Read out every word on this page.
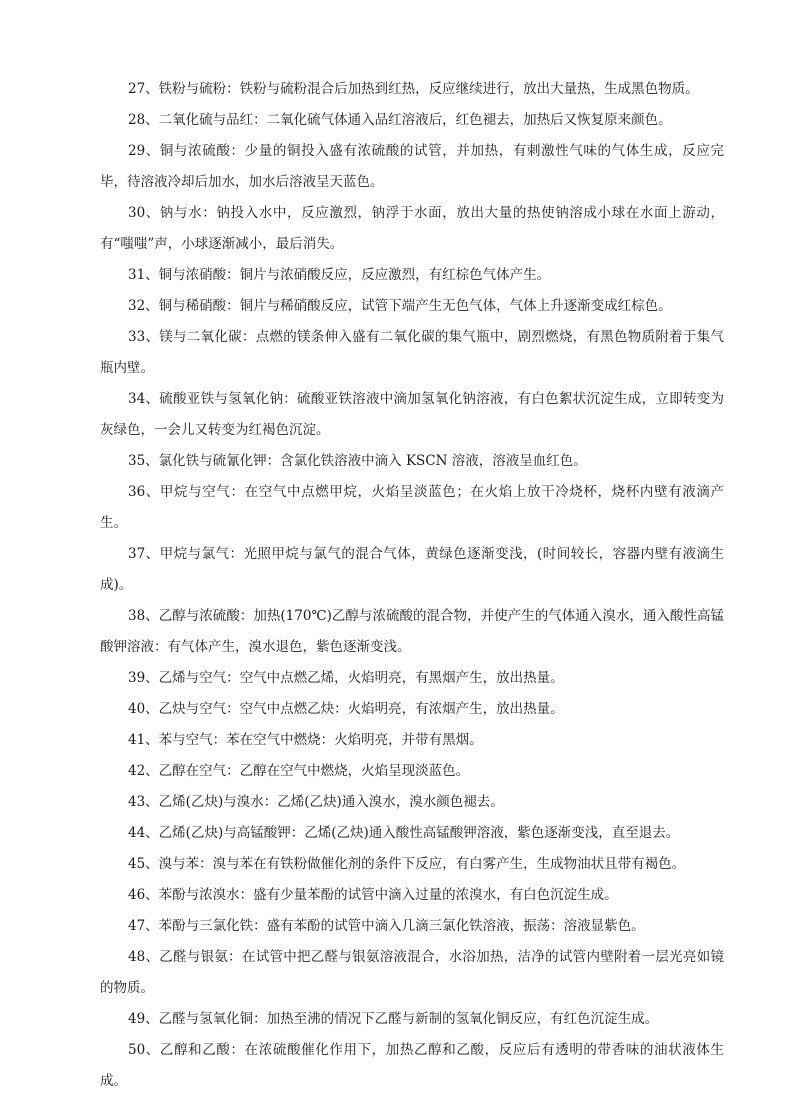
27、铁粉与硫粉：铁粉与硫粉混合后加热到红热，反应继续进行，放出大量热，生成黑色物质。
28、二氧化硫与品红：二氧化硫气体通入品红溶液后，红色褪去，加热后又恢复原来颜色。
29、铜与浓硫酸：少量的铜投入盛有浓硫酸的试管，并加热，有刺激性气味的气体生成，反应完毕，待溶液冷却后加水，加水后溶液呈天蓝色。
30、钠与水：钠投入水中，反应激烈，钠浮于水面，放出大量的热使钠溶成小球在水面上游动，有“嗤嗤”声，小球逐渐减小，最后消失。
31、铜与浓硝酸：铜片与浓硝酸反应，反应激烈，有红棕色气体产生。
32、铜与稀硝酸：铜片与稀硝酸反应，试管下端产生无色气体，气体上升逐渐变成红棕色。
33、镁与二氧化碳：点燃的镁条伸入盛有二氧化碳的集气瓶中，剧烈燃烧，有黑色物质附着于集气瓶内壁。
34、硫酸亚铁与氢氧化钠：硫酸亚铁溶液中滴加氢氧化钠溶液，有白色絮状沉淀生成，立即转变为灰绿色，一会儿又转变为红褐色沉淀。
35、氯化铁与硫氰化钾：含氯化铁溶液中滴入 KSCN 溶液，溶液呈血红色。
36、甲烷与空气：在空气中点燃甲烷，火焰呈淡蓝色；在火焰上放干冷烧杯，烧杯内壁有液滴产生。
37、甲烷与氯气：光照甲烷与氯气的混合气体，黄绿色逐渐变浅，(时间较长，容器内壁有液滴生成)。
38、乙醇与浓硫酸：加热(170℃)乙醇与浓硫酸的混合物，并使产生的气体通入溴水，通入酸性高锰酸钾溶液：有气体产生，溴水退色，紫色逐渐变浅。
39、乙烯与空气：空气中点燃乙烯，火焰明亮，有黑烟产生，放出热量。
40、乙炔与空气：空气中点燃乙炔：火焰明亮，有浓烟产生，放出热量。
41、苯与空气：苯在空气中燃烧：火焰明亮，并带有黑烟。
42、乙醇在空气：乙醇在空气中燃烧，火焰呈现淡蓝色。
43、乙烯(乙炔)与溴水：乙烯(乙炔)通入溴水，溴水颜色褪去。
44、乙烯(乙炔)与高锰酸钾：乙烯(乙炔)通入酸性高锰酸钾溶液，紫色逐渐变浅，直至退去。
45、溴与苯：溴与苯在有铁粉做催化剂的条件下反应，有白雾产生，生成物油状且带有褐色。
46、苯酚与浓溴水：盛有少量苯酚的试管中滴入过量的浓溴水，有白色沉淀生成。
47、苯酚与三氯化铁：盛有苯酚的试管中滴入几滴三氯化铁溶液，振荡：溶液显紫色。
48、乙醛与银氨：在试管中把乙醛与银氨溶液混合，水浴加热，洁净的试管内壁附着一层光亮如镜的物质。
49、乙醛与氢氧化铜：加热至沸的情况下乙醛与新制的氢氧化铜反应，有红色沉淀生成。
50、乙醇和乙酸：在浓硫酸催化作用下，加热乙醇和乙酸，反应后有透明的带香味的油状液体生成。
